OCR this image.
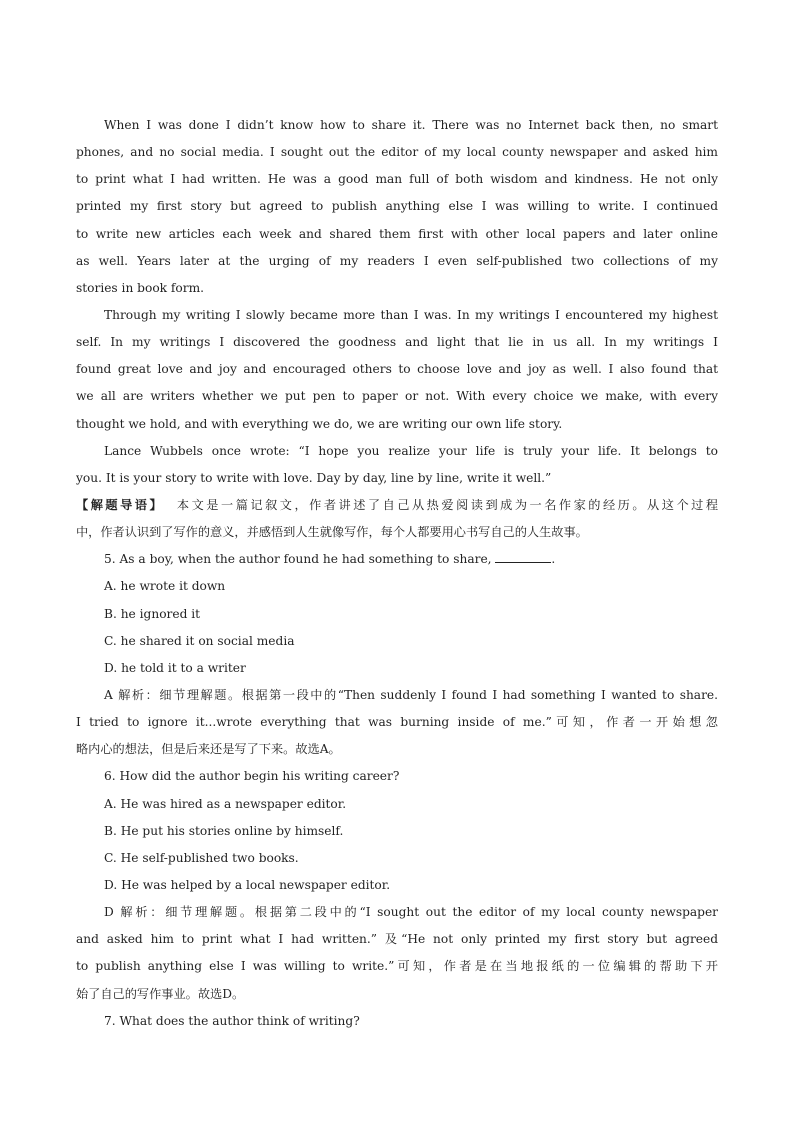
When I was done I didn’t know how to share it. There was no Internet back then, no smart
phones, and no social media. I sought out the editor of my local county newspaper and asked him
to print what I had written. He was a good man full of both wisdom and kindness. He not only
printed my first story but agreed to publish anything else I was willing to write. I continued
to write new articles each week and shared them first with other local papers and later online
as well. Years later at the urging of my readers I even self-published two collections of my
stories in book form.
Through my writing I slowly became more than I was. In my writings I encountered my highest
self. In my writings I discovered the goodness and light that lie in us all. In my writings I
found great love and joy and encouraged others to choose love and joy as well. I also found that
we all are writers whether we put pen to paper or not. With every choice we make, with every
thought we hold, and with everything we do, we are writing our own life story.
Lance Wubbels once wrote: “I hope you realize your life is truly your life. It belongs to
you. It is your story to write with love. Day by day, line by line, write it well.”
【解题导语】 本文是一篇记叙文，作者讲述了自己从热爱阅读到成为一名作家的经历。从这个过程
中，作者认识到了写作的意义，并感悟到人生就像写作，每个人都要用心书写自己的人生故事。
5. As a boy, when the author found he had something to share,	.
A. he wrote it down
B. he ignored it
C. he shared it on social media
D. he told it to a writer
A 解析：细节理解题。根据第一段中的“Then suddenly I found I had something I wanted to share.
I tried to ignore it...wrote everything that was burning inside of me.”可知，作者一开始想忽
略内心的想法，但是后来还是写了下来。故选A。
6. How did the author begin his writing career?
A. He was hired as a newspaper editor.
B. He put his stories online by himself.
C. He self-published two books.
D. He was helped by a local newspaper editor.
D 解析：细节理解题。根据第二段中的“I sought out the editor of my local county newspaper
and asked him to print what I had written.” 及“He not only printed my first story but agreed
to publish anything else I was willing to write.”可知，作者是在当地报纸的一位编辑的帮助下开
始了自己的写作事业。故选D。
7. What does the author think of writing?
